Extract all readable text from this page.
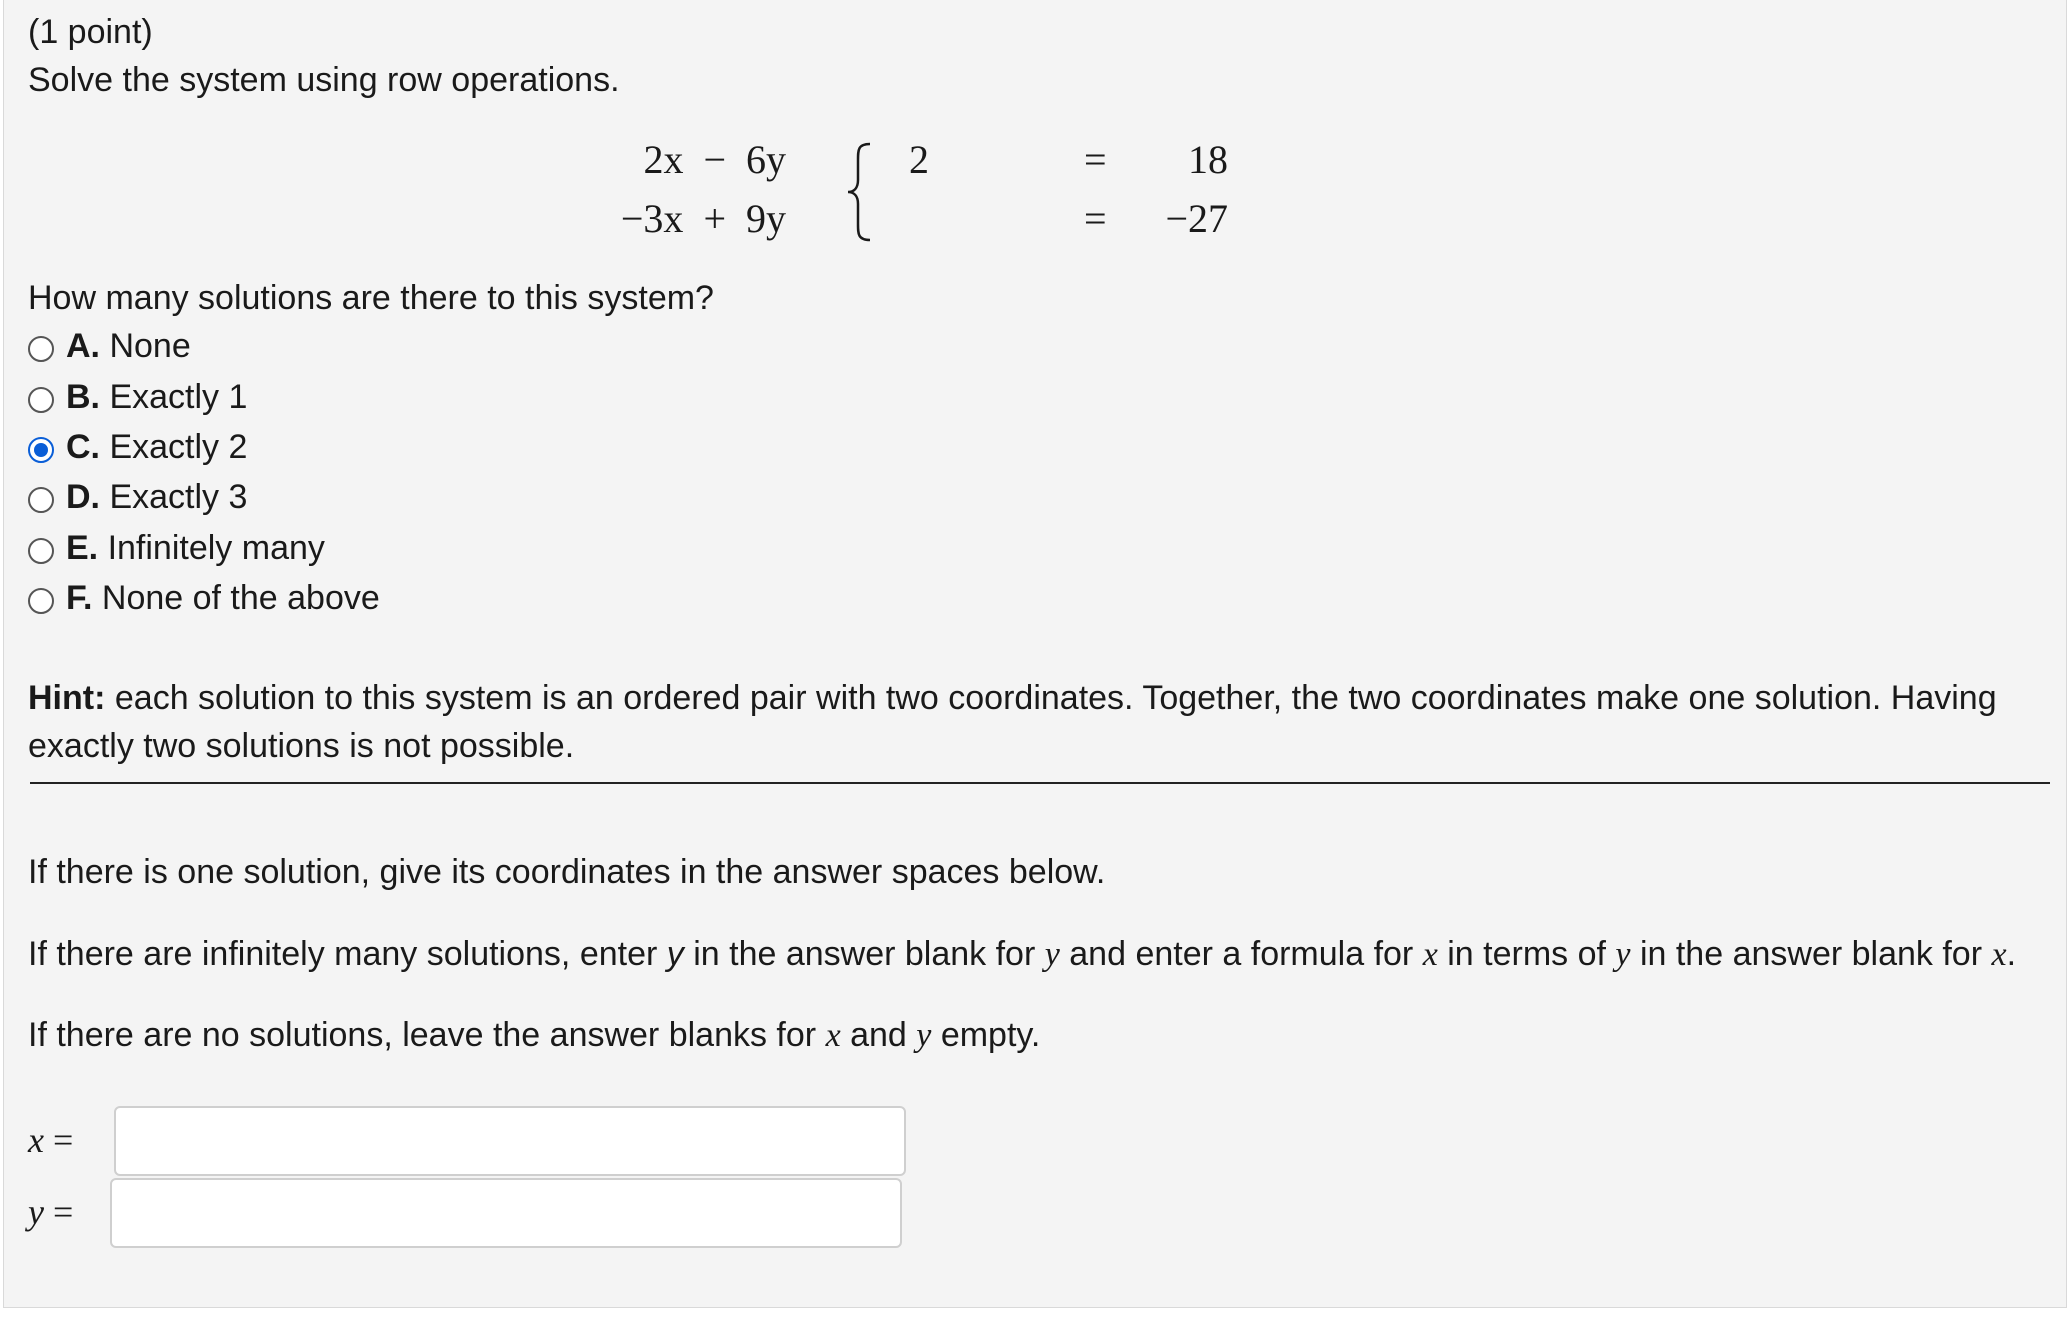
(1 point)
Solve the system using row operations.
2
2x − 6y
−3x + 9y
=
=
18
−27
How many solutions are there to this system?
A. None
B. Exactly 1
C. Exactly 2
D. Exactly 3
E. Infinitely many
F. None of the above
Hint: each solution to this system is an ordered pair with two coordinates. Together, the two coordinates make one solution. Having
exactly two solutions is not possible.
If there is one solution, give its coordinates in the answer spaces below.
If there are infinitely many solutions, enter y in the answer blank for y and enter a formula for x in terms of y in the answer blank for x.
If there are no solutions, leave the answer blanks for x and y empty.
x =
y =
